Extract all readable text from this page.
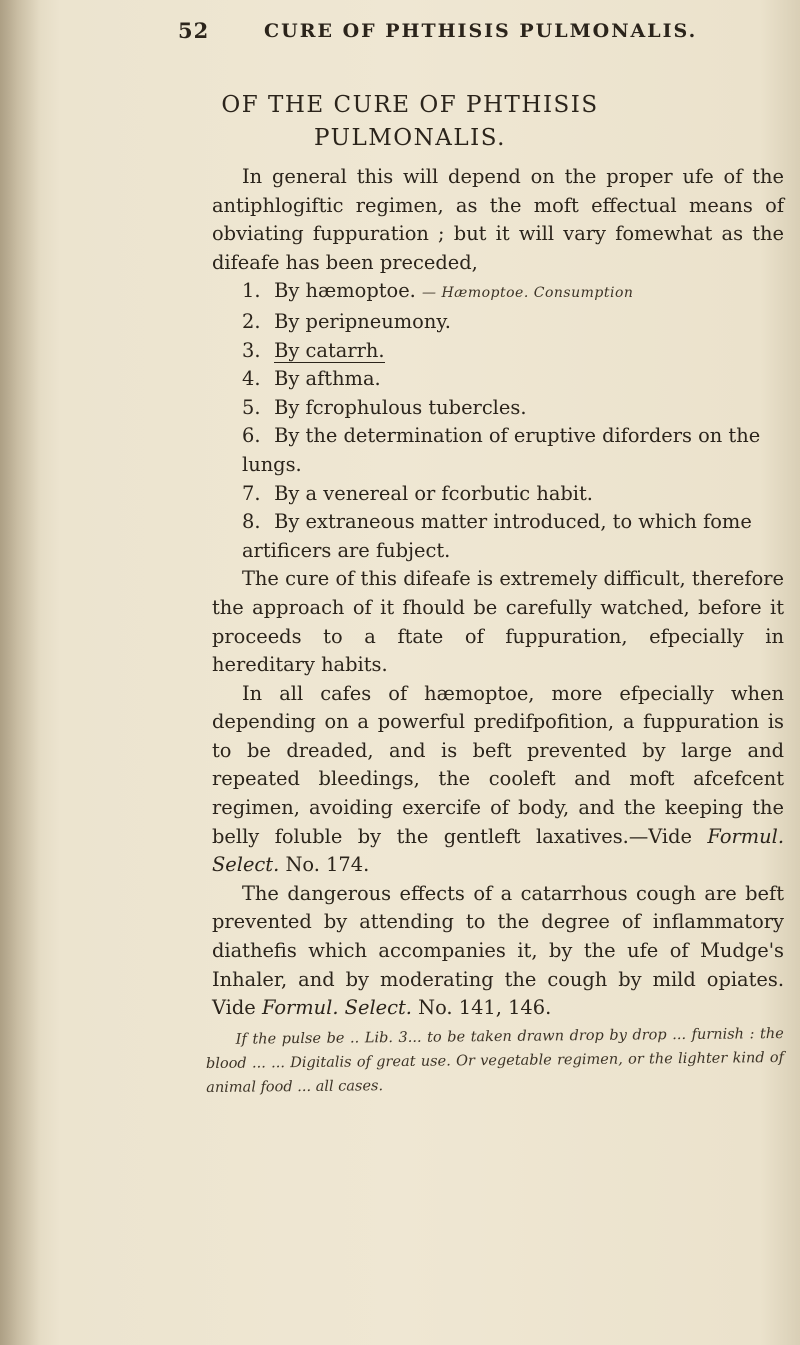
52	CURE OF PHTHISIS PULMONALIS.
OF THE CURE OF PHTHISIS
PULMONALIS.

In general this will depend on the proper ufe of the antiphlogiftic regimen, as the moft effectual means of obviating fuppuration ; but it will vary fomewhat as the difeafe has been preceded,

1. By hæmoptoe. — Hæmoptoe. Consumption

2. By peripneumony.

3. By catarrh.

4. By afthma.

5. By fcrophulous tubercles.

6. By the determination of eruptive diforders on the lungs.

7. By a venereal or fcorbutic habit.

8. By extraneous matter introduced, to which fome artificers are fubject.

The cure of this difeafe is extremely difficult, therefore the approach of it fhould be carefully watched, before it proceeds to a ftate of fuppuration, efpecially in hereditary habits.

In all cafes of hæmoptoe, more efpecially when depending on a powerful predifpofition, a fuppuration is to be dreaded, and is beft prevented by large and repeated bleedings, the cooleft and moft afcefcent regimen, avoiding exercife of body, and the keeping the belly foluble by the gentleft laxatives.—Vide Formul. Select. No. 174.

The dangerous effects of a catarrhous cough are beft prevented by attending to the degree of inflammatory diathefis which accompanies it, by the ufe of Mudge's Inhaler, and by moderating the cough by mild opiates. Vide Formul. Select. No. 141, 146.
If the pulse be .. Lib. 3... to be taken drawn drop by drop ... furnish : the blood ... ... Digitalis of great use. Or vegetable regimen, or the lighter kind of animal food ... all cases.
